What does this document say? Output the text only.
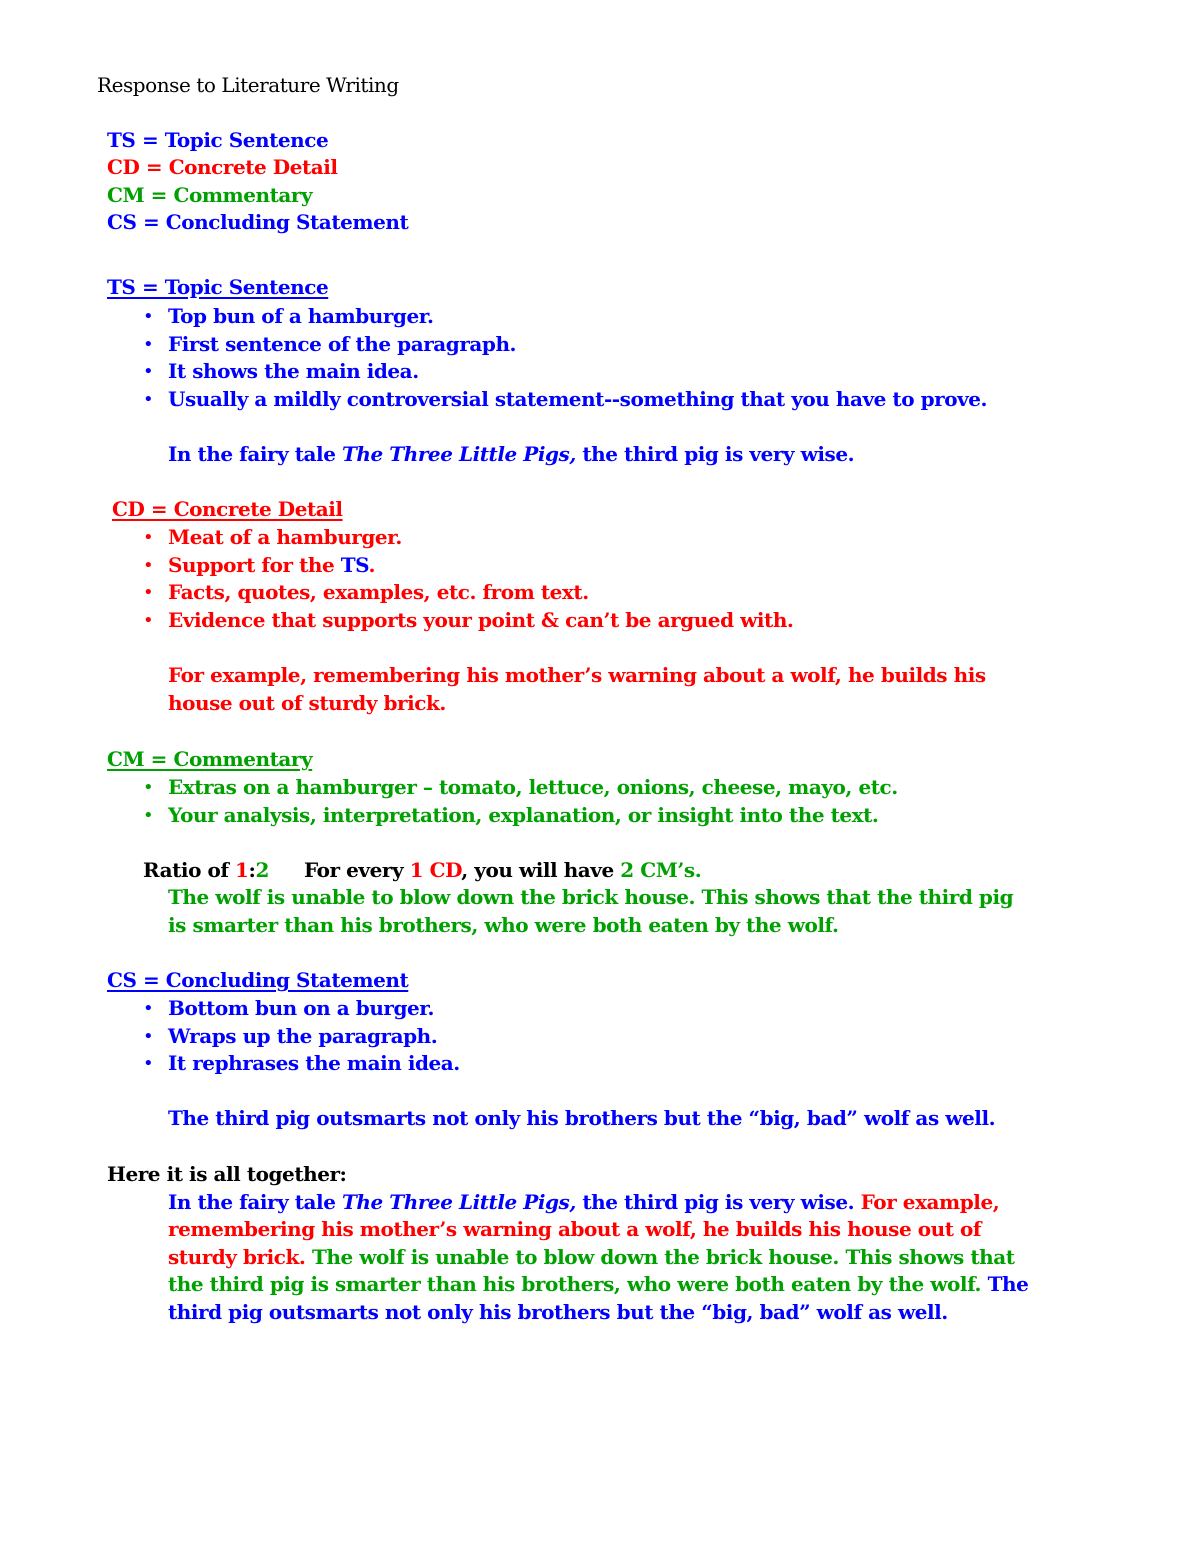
Response to Literature Writing
TS = Topic Sentence
CD = Concrete Detail
CM = Commentary
CS = Concluding Statement
TS = Topic Sentence
• Top bun of a hamburger.
• First sentence of the paragraph.
• It shows the main idea.
• Usually a mildly controversial statement--something that you have to prove.
In the fairy tale The Three Little Pigs, the third pig is very wise.
CD = Concrete Detail
• Meat of a hamburger.
• Support for the TS.
• Facts, quotes, examples, etc. from text.
• Evidence that supports your point & can’t be argued with.
For example, remembering his mother’s warning about a wolf, he builds his
house out of sturdy brick.
CM = Commentary
• Extras on a hamburger – tomato, lettuce, onions, cheese, mayo, etc.
• Your analysis, interpretation, explanation, or insight into the text.
Ratio of 1:2 For every 1 CD, you will have 2 CM’s.
The wolf is unable to blow down the brick house. This shows that the third pig
is smarter than his brothers, who were both eaten by the wolf.
CS = Concluding Statement
• Bottom bun on a burger.
• Wraps up the paragraph.
• It rephrases the main idea.
The third pig outsmarts not only his brothers but the “big, bad” wolf as well.
Here it is all together:
In the fairy tale The Three Little Pigs, the third pig is very wise. For example,
remembering his mother’s warning about a wolf, he builds his house out of
sturdy brick. The wolf is unable to blow down the brick house. This shows that
the third pig is smarter than his brothers, who were both eaten by the wolf. The
third pig outsmarts not only his brothers but the “big, bad” wolf as well.
